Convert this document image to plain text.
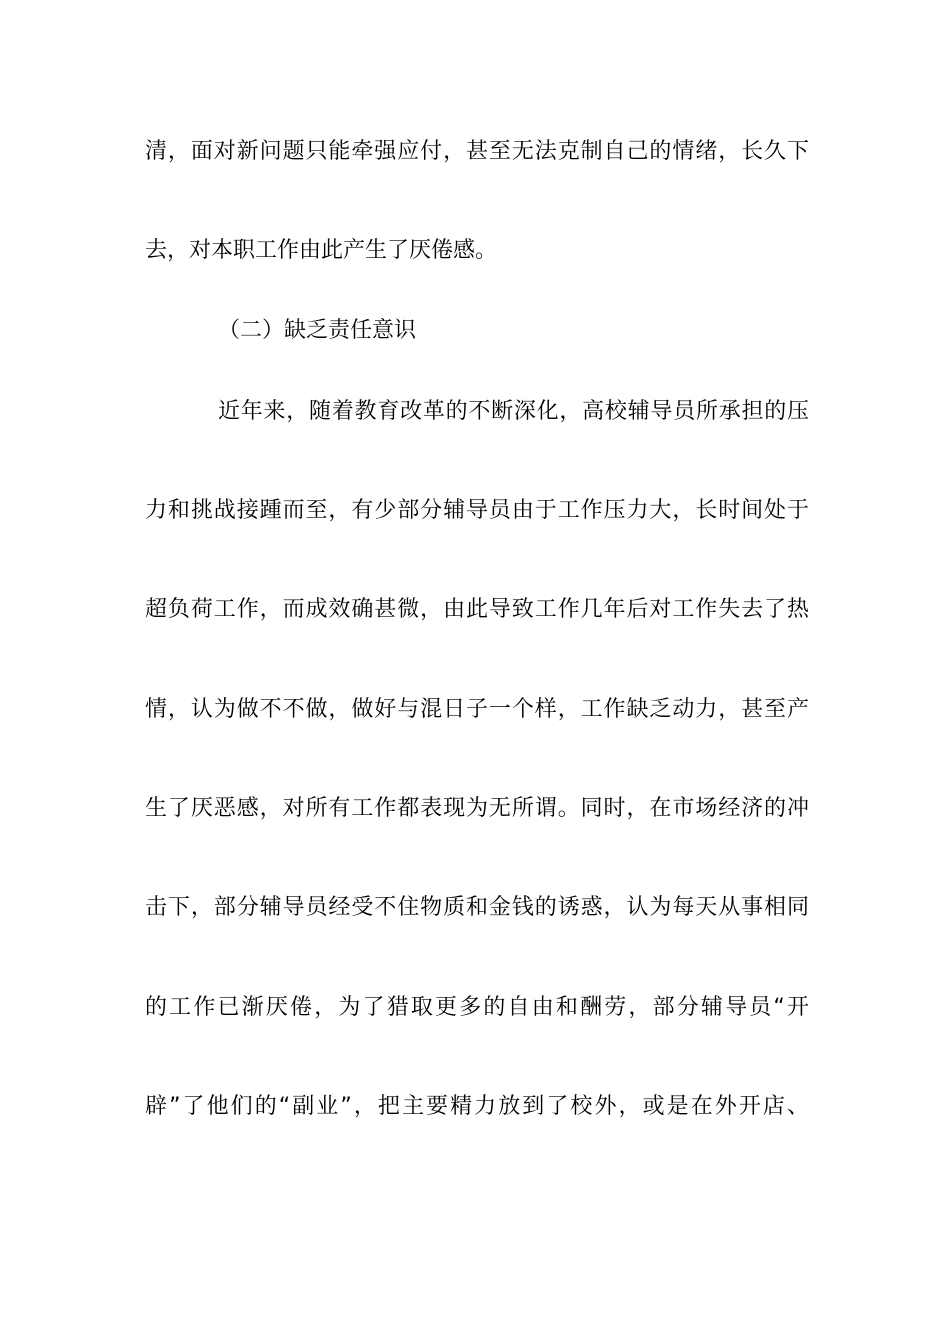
清，面对新问题只能牵强应付，甚至无法克制自己的情绪，长久下
去，对本职工作由此产生了厌倦感。
（二）缺乏责任意识
近年来，随着教育改革的不断深化，高校辅导员所承担的压
力和挑战接踵而至，有少部分辅导员由于工作压力大，长时间处于
超负荷工作，而成效确甚微，由此导致工作几年后对工作失去了热
情，认为做不不做，做好与混日子一个样，工作缺乏动力，甚至产
生了厌恶感，对所有工作都表现为无所谓。同时，在市场经济的冲
击下，部分辅导员经受不住物质和金钱的诱惑，认为每天从事相同
的工作已渐厌倦，为了猎取更多的自由和酬劳，部分辅导员“开
辟”了他们的“副业”，把主要精力放到了校外，或是在外开店、
